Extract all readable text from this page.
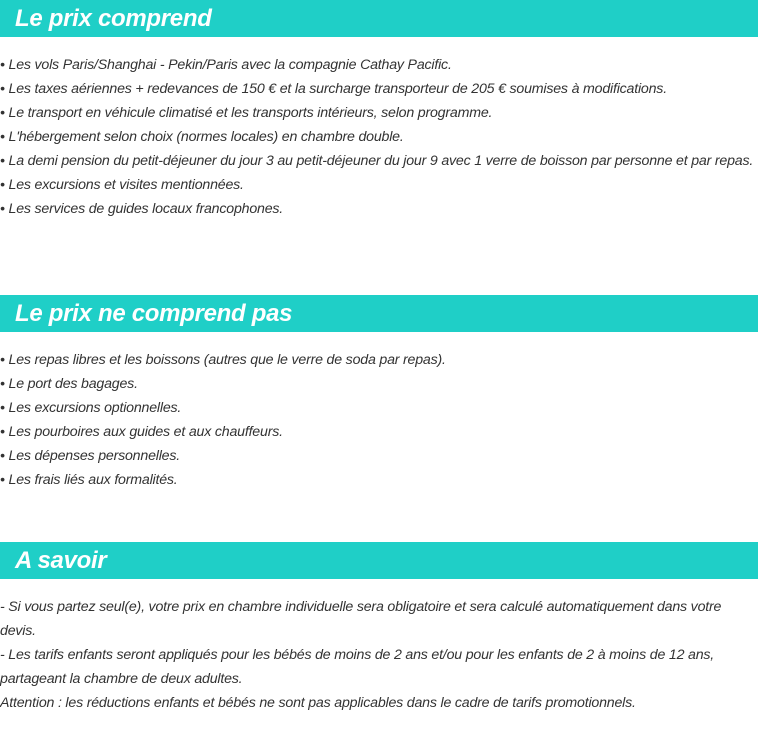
Le prix comprend
• Les vols Paris/Shanghai - Pekin/Paris avec la compagnie Cathay Pacific.
• Les taxes aériennes + redevances de 150 € et la surcharge transporteur de 205 € soumises à modifications.
• Le transport en véhicule climatisé et les transports intérieurs, selon programme.
• L'hébergement selon choix (normes locales) en chambre double.
• La demi pension du petit-déjeuner du jour 3 au petit-déjeuner du jour 9 avec 1 verre de boisson par personne et par repas.
• Les excursions et visites mentionnées.
• Les services de guides locaux francophones.
Le prix ne comprend pas
• Les repas libres et les boissons (autres que le verre de soda par repas).
• Le port des bagages.
• Les excursions optionnelles.
• Les pourboires aux guides et aux chauffeurs.
• Les dépenses personnelles.
• Les frais liés aux formalités.
A savoir

- Si vous partez seul(e), votre prix en chambre individuelle sera obligatoire et sera calculé automatiquement dans votre devis.

- Les tarifs enfants seront appliqués pour les bébés de moins de 2 ans et/ou pour les enfants de 2 à moins de 12 ans, partageant la chambre de deux adultes.

Attention : les réductions enfants et bébés ne sont pas applicables dans le cadre de tarifs promotionnels.
